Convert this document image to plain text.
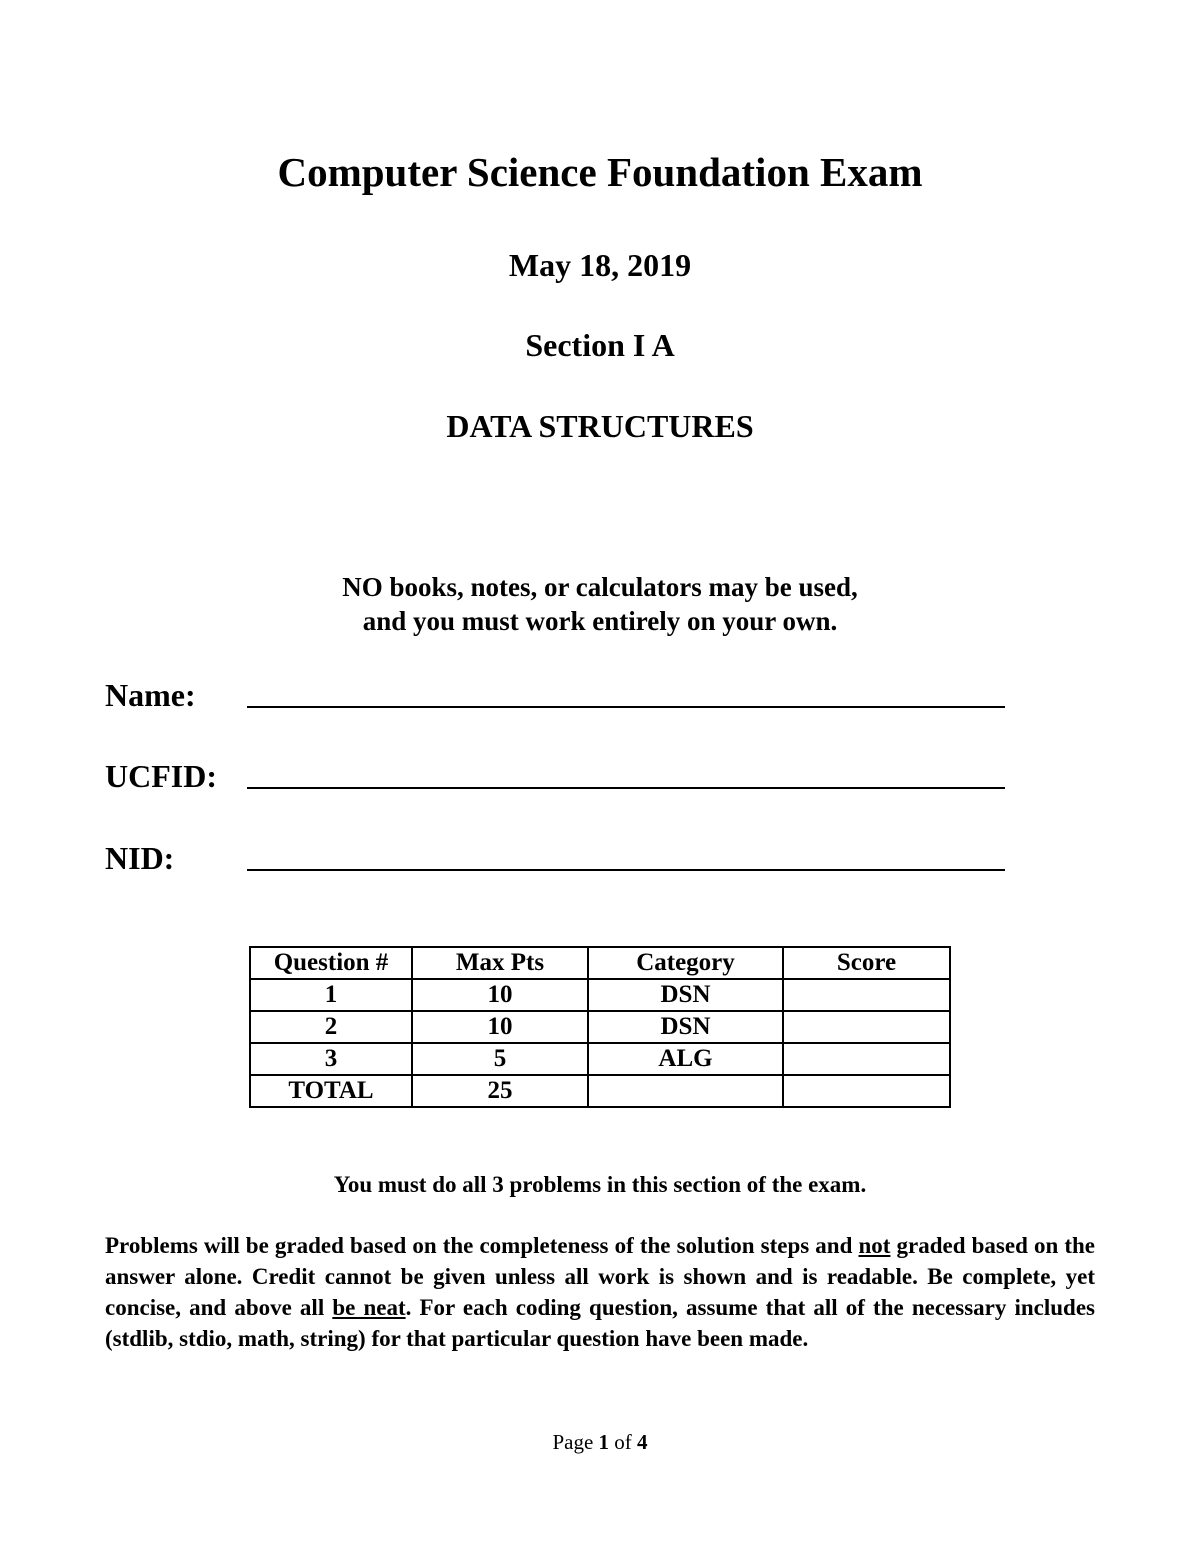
Computer Science Foundation Exam
May 18, 2019
Section I A
DATA STRUCTURES
NO books, notes, or calculators may be used,
and you must work entirely on your own.
Name:
UCFID:
NID:
Question #	Max Pts	Category	Score
1	10	DSN	
2	10	DSN	
3	5	ALG	
TOTAL	25		
You must do all 3 problems in this section of the exam.
Problems will be graded based on the completeness of the solution steps and not graded based on the answer alone. Credit cannot be given unless all work is shown and is readable. Be complete, yet concise, and above all be neat. For each coding question, assume that all of the necessary includes (stdlib, stdio, math, string) for that particular question have been made.
Page 1 of 4
